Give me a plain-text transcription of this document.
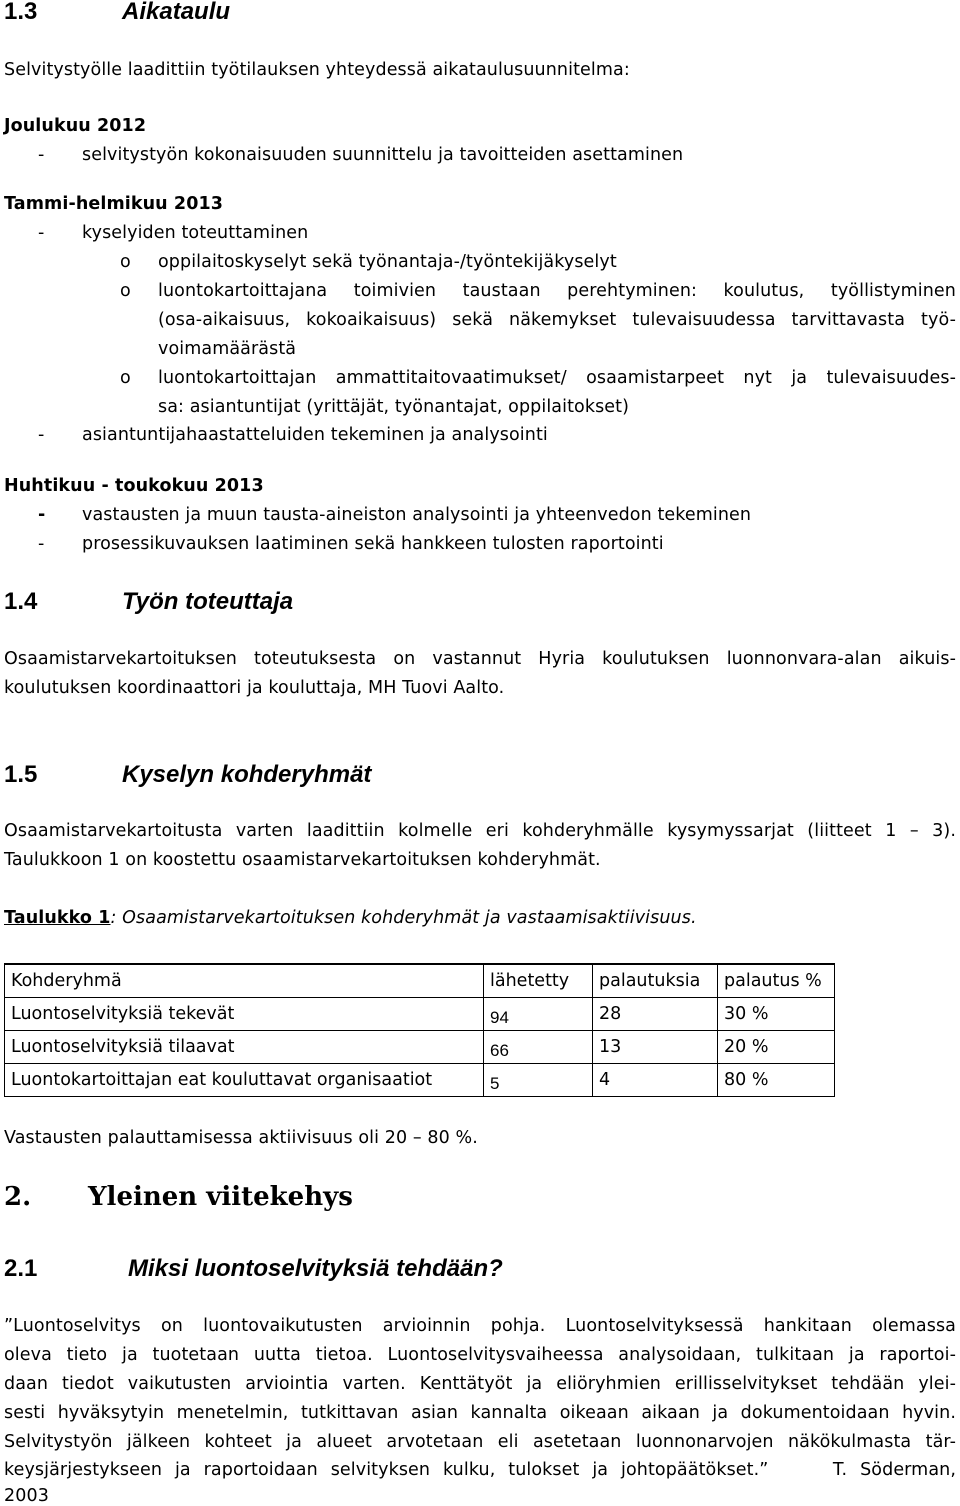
1.3	Aikataulu
Selvitystyölle laadittiin työtilauksen yhteydessä aikataulusuunnitelma:
Joulukuu 2012
- selvitystyön kokonaisuuden suunnittelu ja tavoitteiden asettaminen
Tammi-helmikuu 2013
- kyselyiden toteuttaminen
o oppilaitoskyselyt sekä työnantaja-/työntekijäkyselyt
o luontokartoittajana toimivien taustaan perehtyminen: koulutus, työllistyminen
(osa-aikaisuus, kokoaikaisuus) sekä näkemykset tulevaisuudessa tarvittavasta työ-
voimamäärästä
o luontokartoittajan ammattitaitovaatimukset/ osaamistarpeet nyt ja tulevaisuudes-
sa: asiantuntijat (yrittäjät, työnantajat, oppilaitokset)
- asiantuntijahaastatteluiden tekeminen ja analysointi
Huhtikuu - toukokuu 2013
- vastausten ja muun tausta-aineiston analysointi ja yhteenvedon tekeminen
- prosessikuvauksen laatiminen sekä hankkeen tulosten raportointi
1.4	Työn toteuttaja
Osaamistarvekartoituksen toteutuksesta on vastannut Hyria koulutuksen luonnonvara-alan aikuis-
koulutuksen koordinaattori ja kouluttaja, MH Tuovi Aalto.
1.5	Kyselyn kohderyhmät
Osaamistarvekartoitusta varten laadittiin kolmelle eri kohderyhmälle kysymyssarjat (liitteet 1 – 3).
Taulukkoon 1 on koostettu osaamistarvekartoituksen kohderyhmät.
Taulukko 1: Osaamistarvekartoituksen kohderyhmät ja vastaamisaktiivisuus.
Kohderyhmä	lähetetty	palautuksia	palautus %
Luontoselvityksiä tekevät	94	28	30 %
Luontoselvityksiä tilaavat	66	13	20 %
Luontokartoittajan eat kouluttavat organisaatiot	5	4	80 %
Vastausten palauttamisessa aktiivisuus oli 20 – 80 %.
2. Yleinen viitekehys
2.1	Miksi luontoselvityksiä tehdään?
”Luontoselvitys on luontovaikutusten arvioinnin pohja. Luontoselvityksessä hankitaan olemassa
oleva tieto ja tuotetaan uutta tietoa. Luontoselvitysvaiheessa analysoidaan, tulkitaan ja raportoi-
daan tiedot vaikutusten arviointia varten. Kenttätyöt ja eliöryhmien erillisselvitykset tehdään ylei-
sesti hyväksytyin menetelmin, tutkittavan asian kannalta oikeaan aikaan ja dokumentoidaan hyvin.
Selvitystyön jälkeen kohteet ja alueet arvotetaan eli asetetaan luonnonarvojen näkökulmasta tär-
keysjärjestykseen ja raportoidaan selvityksen kulku, tulokset ja johtopäätökset.”     T. Söderman,
2003
